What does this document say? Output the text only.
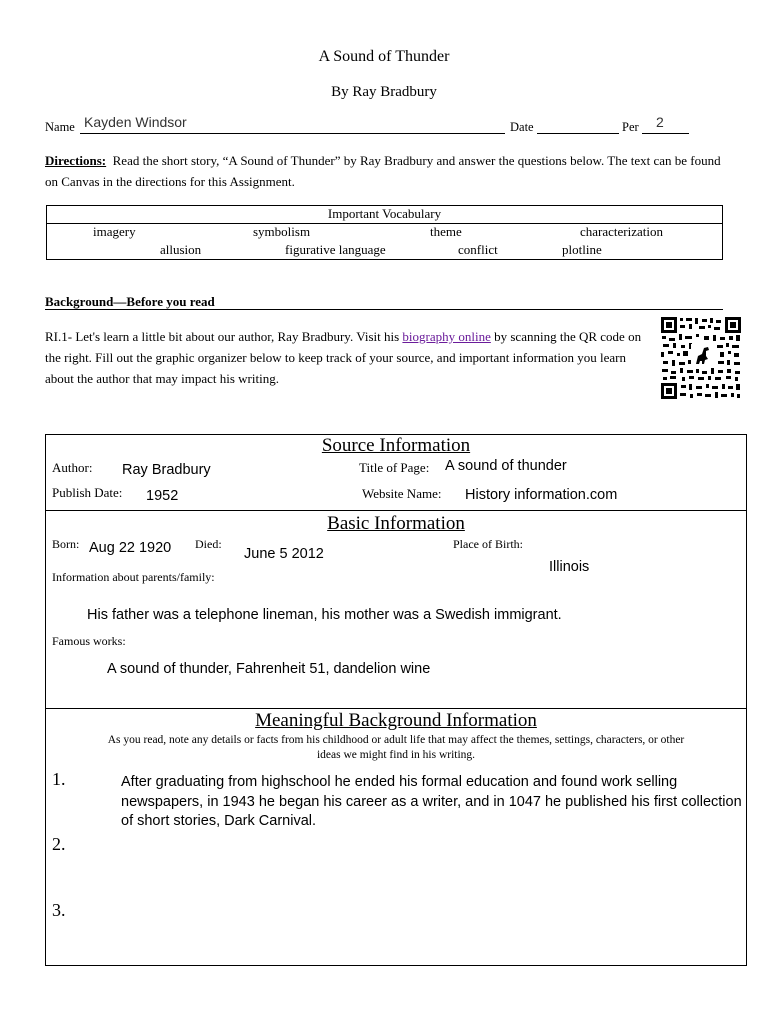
A Sound of Thunder
By Ray Bradbury
Name Kayden Windsor	Date	Per 2
Directions: Read the short story, “A Sound of Thunder” by Ray Bradbury and answer the questions below. The text can be found on Canvas in the directions for this Assignment.
Important Vocabulary
imagery	symbolism	theme	characterization
allusion	figurative language	conflict	plotline
Background—Before you read
RI.1- Let's learn a little bit about our author, Ray Bradbury. Visit his biography online by scanning the QR code on the right. Fill out the graphic organizer below to keep track of your source, and important information you learn about the author that may impact his writing.
Source Information
Author: Ray Bradbury	Title of Page: A sound of thunder
Publish Date: 1952	Website Name: History information.com
Basic Information
Born: Aug 22 1920 Died:
June 5 2012
Place of Birth:
Illinois
Information about parents/family:
His father was a telephone lineman, his mother was a Swedish immigrant.
Famous works:
A sound of thunder, Fahrenheit 51, dandelion wine
Meaningful Background Information
As you read, note any details or facts from his childhood or adult life that may affect the themes, settings, characters, or other
ideas we might find in his writing.
1.	After graduating from highschool he ended his formal education and found work selling
newspapers, in 1943 he began his career as a writer, and in 1047 he published his first collection
of short stories, Dark Carnival.
2.
3.
